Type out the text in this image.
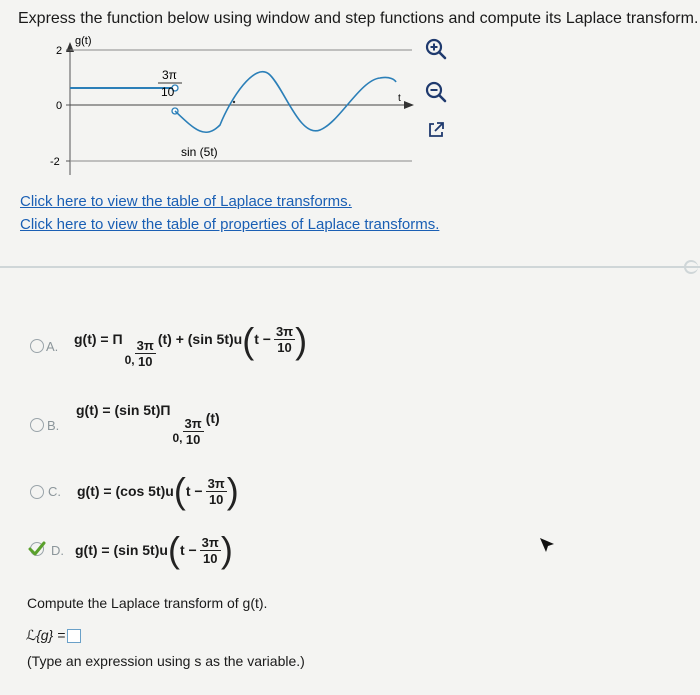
Express the function below using window and step functions and compute its Laplace transform.
g(t)
2
0
-2
t
3π
10
sin (5t)
Click here to view the table of Laplace transforms.
Click here to view the table of properties of Laplace transforms.
A. g(t) = Π
0, $\frac{3\pi}{10} (t) + (\sin$ 5t)u ( $t - \frac{3\pi}{10}$ )
B.
g(t) = (sin 5t)Π
0, $\frac{3\pi}{10} (t)$
C. g(t) = (cos 5t)u ( $t - \frac{3\pi}{10}$ )
D. g(t) = (sin 5t)u ( $t - \frac{3\pi}{10}$ )
Compute the Laplace transform of g(t).
ℒ{g} =
(Type an expression using s as the variable.)
